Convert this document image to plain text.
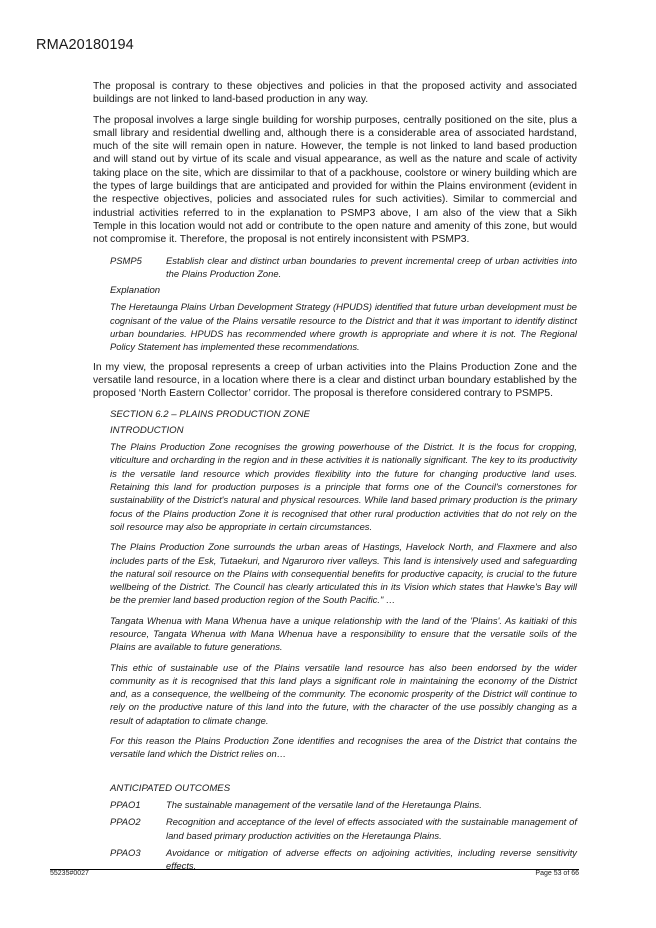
RMA20180194

The proposal is contrary to these objectives and policies in that the proposed activity and associated buildings are not linked to land-based production in any way.

The proposal involves a large single building for worship purposes, centrally positioned on the site, plus a small library and residential dwelling and, although there is a considerable area of associated hardstand, much of the site will remain open in nature. However, the temple is not linked to land based production and will stand out by virtue of its scale and visual appearance, as well as the nature and scale of activity taking place on the site, which are dissimilar to that of a packhouse, coolstore or winery building which are the types of large buildings that are anticipated and provided for within the Plains environment (evident in the respective objectives, policies and associated rules for such activities). Similar to commercial and industrial activities referred to in the explanation to PSMP3 above, I am also of the view that a Sikh Temple in this location would not add or contribute to the open nature and amenity of this zone, but would not compromise it. Therefore, the proposal is not entirely inconsistent with PSMP3.

PSMP5	Establish clear and distinct urban boundaries to prevent incremental creep of urban activities into the Plains Production Zone.
Explanation

The Heretaunga Plains Urban Development Strategy (HPUDS) identified that future urban development must be cognisant of the value of the Plains versatile resource to the District and that it was important to identify distinct urban boundaries. HPUDS has recommended where growth is appropriate and where it is not. The Regional Policy Statement has implemented these recommendations.

In my view, the proposal represents a creep of urban activities into the Plains Production Zone and the versatile land resource, in a location where there is a clear and distinct urban boundary established by the proposed ‘North Eastern Collector’ corridor. The proposal is therefore considered contrary to PSMP5.

SECTION 6.2 – PLAINS PRODUCTION ZONE
INTRODUCTION

The Plains Production Zone recognises the growing powerhouse of the District. It is the focus for cropping, viticulture and orcharding in the region and in these activities it is nationally significant. The key to its productivity is the versatile land resource which provides flexibility into the future for changing productive land uses. Retaining this land for production purposes is a principle that forms one of the Council's cornerstones for sustainability of the District's natural and physical resources. While land based primary production is the primary focus of the Plains production Zone it is recognised that other rural production activities that do not rely on the soil resource may also be appropriate in certain circumstances.

The Plains Production Zone surrounds the urban areas of Hastings, Havelock North, and Flaxmere and also includes parts of the Esk, Tutaekuri, and Ngaruroro river valleys. This land is intensively used and safeguarding the natural soil resource on the Plains with consequential benefits for productive capacity, is crucial to the future wellbeing of the District. The Council has clearly articulated this in its Vision which states that Hawke's Bay will be the premier land based production region of the South Pacific." …

Tangata Whenua with Mana Whenua have a unique relationship with the land of the 'Plains'. As kaitiaki of this resource, Tangata Whenua with Mana Whenua have a responsibility to ensure that the versatile soils of the Plains are available to future generations.

This ethic of sustainable use of the Plains versatile land resource has also been endorsed by the wider community as it is recognised that this land plays a significant role in maintaining the economy of the District and, as a consequence, the wellbeing of the community. The economic prosperity of the District will continue to rely on the productive nature of this land into the future, with the character of the use possibly changing as a result of adaptation to climate change.

For this reason the Plains Production Zone identifies and recognises the area of the District that contains the versatile land which the District relies on…

ANTICIPATED OUTCOMES
PPAO1	The sustainable management of the versatile land of the Heretaunga Plains.
PPAO2	Recognition and acceptance of the level of effects associated with the sustainable management of land based primary production activities on the Heretaunga Plains.
PPAO3	Avoidance or mitigation of adverse effects on adjoining activities, including reverse sensitivity effects.
55235#0027	Page 53 of 66
